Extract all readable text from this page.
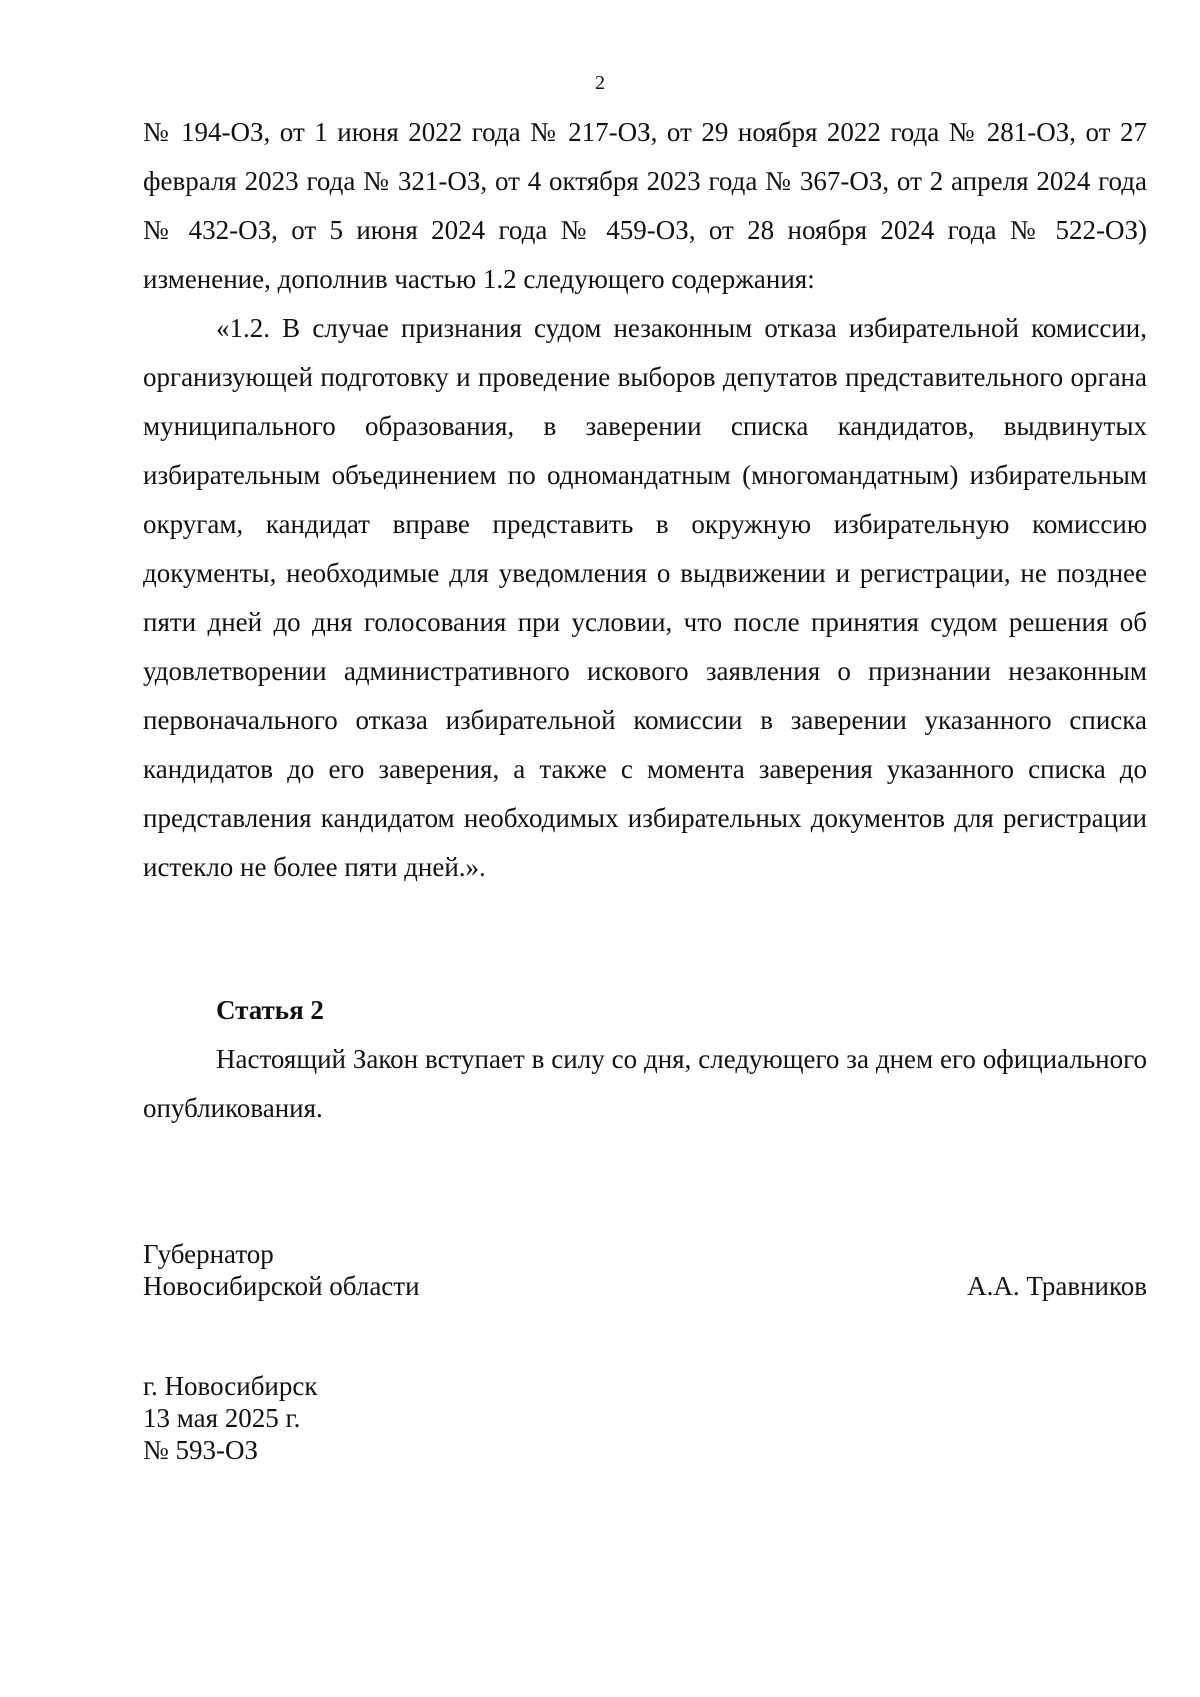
2

№ 194-ОЗ, от 1 июня 2022 года № 217-ОЗ, от 29 ноября 2022 года № 281-ОЗ, от 27 февраля 2023 года № 321-ОЗ, от 4 октября 2023 года № 367-ОЗ, от 2 апреля 2024 года № 432-ОЗ, от 5 июня 2024 года № 459-ОЗ, от 28 ноября 2024 года № 522-ОЗ) изменение, дополнив частью 1.2 следующего содержания:

«1.2. В случае признания судом незаконным отказа избирательной комиссии, организующей подготовку и проведение выборов депутатов представительного органа муниципального образования, в заверении списка кандидатов, выдвинутых избирательным объединением по одномандатным (многомандатным) избирательным округам, кандидат вправе представить в окружную избирательную комиссию документы, необходимые для уведомления о выдвижении и регистрации, не позднее пяти дней до дня голосования при условии, что после принятия судом решения об удовлетворении административного искового заявления о признании незаконным первоначального отказа избирательной комиссии в заверении указанного списка кандидатов до его заверения, а также с момента заверения указанного списка до представления кандидатом необходимых избирательных документов для регистрации истекло не более пяти дней.».

Статья 2

Настоящий Закон вступает в силу со дня, следующего за днем его официального опубликования.

Губернатор
Новосибирской области	А.А. Травников
г. Новосибирск
13 мая 2025 г.
№ 593-ОЗ
